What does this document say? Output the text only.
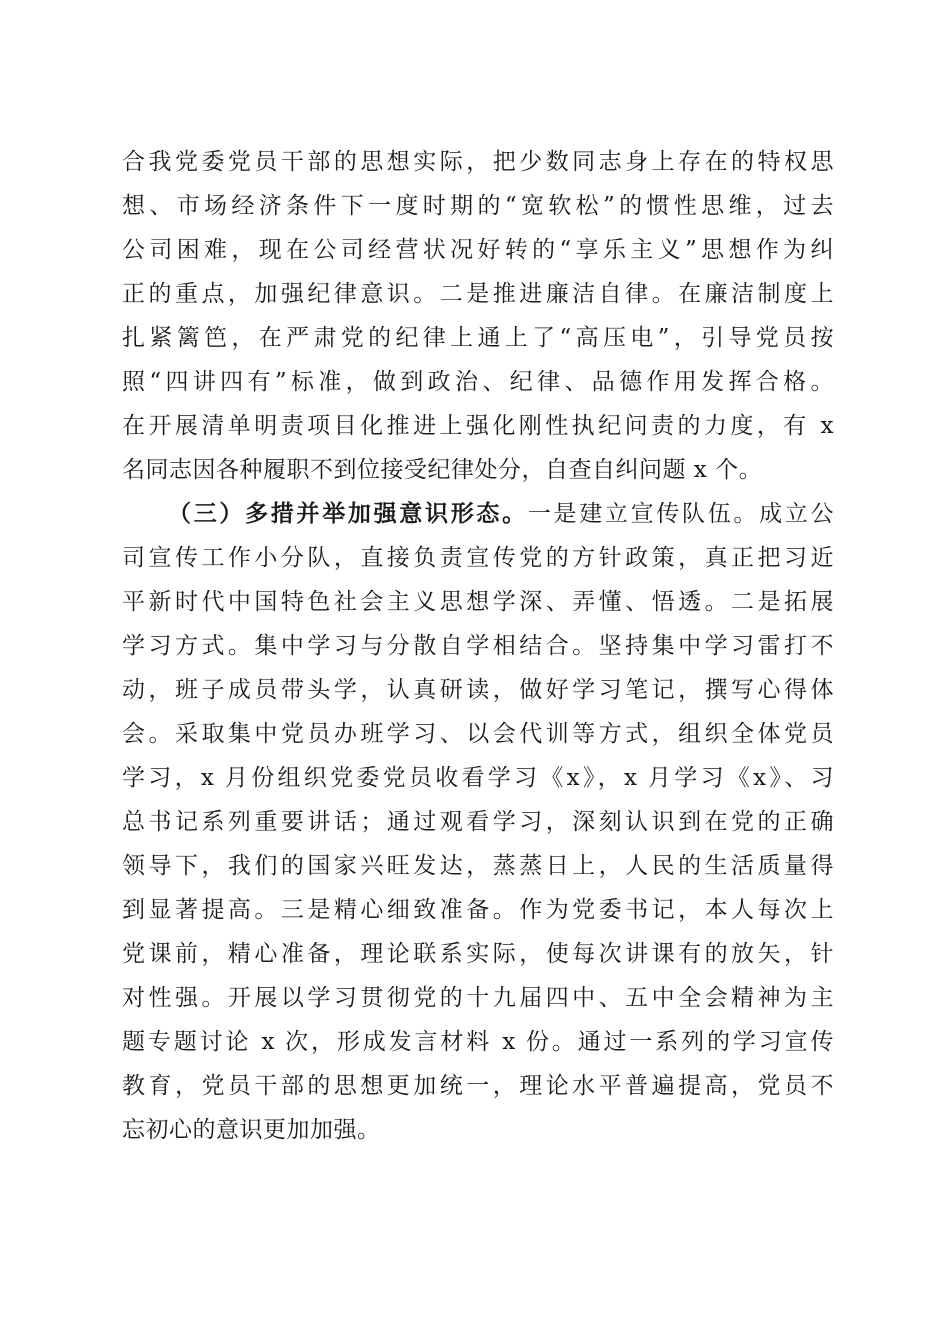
合我党委党员干部的思想实际，把少数同志身上存在的特权思
想、市场经济条件下一度时期的“宽软松”的惯性思维，过去
公司困难，现在公司经营状况好转的“享乐主义”思想作为纠
正的重点，加强纪律意识。二是推进廉洁自律。在廉洁制度上
扎紧篱笆，在严肃党的纪律上通上了“高压电”，引导党员按
照“四讲四有”标准，做到政治、纪律、品德作用发挥合格。
在开展清单明责项目化推进上强化刚性执纪问责的力度，有 x
名同志因各种履职不到位接受纪律处分，自查自纠问题 x 个。
（三）多措并举加强意识形态。一是建立宣传队伍。成立公
司宣传工作小分队，直接负责宣传党的方针政策，真正把习近
平新时代中国特色社会主义思想学深、弄懂、悟透。二是拓展
学习方式。集中学习与分散自学相结合。坚持集中学习雷打不
动，班子成员带头学，认真研读，做好学习笔记，撰写心得体
会。采取集中党员办班学习、以会代训等方式，组织全体党员
学习，x 月份组织党委党员收看学习《x》，x 月学习《x》、习
总书记系列重要讲话；通过观看学习，深刻认识到在党的正确
领导下，我们的国家兴旺发达，蒸蒸日上，人民的生活质量得
到显著提高。三是精心细致准备。作为党委书记，本人每次上
党课前，精心准备，理论联系实际，使每次讲课有的放矢，针
对性强。开展以学习贯彻党的十九届四中、五中全会精神为主
题专题讨论 x 次，形成发言材料 x 份。通过一系列的学习宣传
教育，党员干部的思想更加统一，理论水平普遍提高，党员不
忘初心的意识更加加强。
